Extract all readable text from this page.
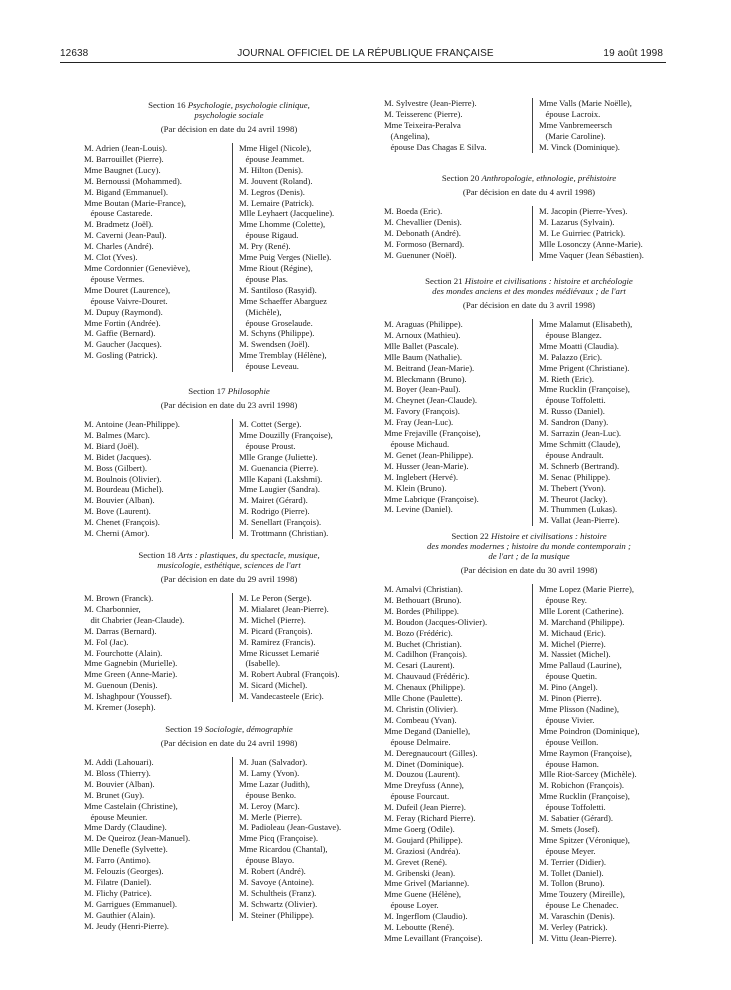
12638	JOURNAL OFFICIEL DE LA RÉPUBLIQUE FRANÇAISE	19 août 1998
Section 16 Psychologie, psychologie clinique,
psychologie sociale
(Par décision en date du 24 avril 1998)
M. Adrien (Jean-Louis).
M. Barrouillet (Pierre).
Mme Baugnet (Lucy).
M. Bernoussi (Mohammed).
M. Bigand (Emmanuel).
Mme Boutan (Marie-France),
épouse Castarede.
M. Bradmetz (Joël).
M. Caverni (Jean-Paul).
M. Charles (André).
M. Clot (Yves).
Mme Cordonnier (Geneviève),
épouse Vermes.
Mme Douret (Laurence),
épouse Vaivre-Douret.
M. Dupuy (Raymond).
Mme Fortin (Andrée).
M. Gaffie (Bernard).
M. Gaucher (Jacques).
M. Gosling (Patrick).
Mme Higel (Nicole),
épouse Jeammet.
M. Hilton (Denis).
M. Jouvent (Roland).
M. Legros (Denis).
M. Lemaire (Patrick).
Mlle Leyhaert (Jacqueline).
Mme Lhomme (Colette),
épouse Rigaud.
M. Pry (René).
Mme Puig Verges (Nielle).
Mme Riout (Régine),
épouse Plas.
M. Santiloso (Rasyid).
Mme Schaeffer Abarguez
(Michèle),
épouse Groselaude.
M. Schyns (Philippe).
M. Swendsen (Joël).
Mme Tremblay (Hélène),
épouse Leveau.
Section 17 Philosophie
(Par décision en date du 23 avril 1998)
M. Antoine (Jean-Philippe).
M. Balmes (Marc).
M. Biard (Joël).
M. Bidet (Jacques).
M. Boss (Gilbert).
M. Boulnois (Olivier).
M. Bourdeau (Michel).
M. Bouvier (Alban).
M. Bove (Laurent).
M. Chenet (François).
M. Cherni (Amor).
M. Cottet (Serge).
Mme Douzilly (Françoise),
épouse Proust.
Mlle Grange (Juliette).
M. Guenancia (Pierre).
Mlle Kapani (Lakshmi).
Mme Laugier (Sandra).
M. Mairet (Gérard).
M. Rodrigo (Pierre).
M. Senellart (François).
M. Trottmann (Christian).
Section 18 Arts : plastiques, du spectacle, musique,
musicologie, esthétique, sciences de l'art
(Par décision en date du 29 avril 1998)
M. Brown (Franck).
M. Charbonnier,
dit Chabrier (Jean-Claude).
M. Darras (Bernard).
M. Fol (Jac).
M. Fourchotte (Alain).
Mme Gagnebin (Murielle).
Mme Green (Anne-Marie).
M. Guenoun (Denis).
M. Ishaghpour (Youssef).
M. Kremer (Joseph).
M. Le Peron (Serge).
M. Mialaret (Jean-Pierre).
M. Michel (Pierre).
M. Picard (François).
M. Ramirez (Francis).
Mme Ricusset Lemarié
(Isabelle).
M. Robert Aubral (François).
M. Sicard (Michel).
M. Vandecasteele (Eric).
Section 19 Sociologie, démographie
(Par décision en date du 24 avril 1998)
M. Addi (Lahouari).
M. Bloss (Thierry).
M. Bouvier (Alban).
M. Brunet (Guy).
Mme Castelain (Christine),
épouse Meunier.
Mme Dardy (Claudine).
M. De Queiroz (Jean-Manuel).
Mlle Denefle (Sylvette).
M. Farro (Antimo).
M. Felouzis (Georges).
M. Filatre (Daniel).
M. Flichy (Patrice).
M. Garrigues (Emmanuel).
M. Gauthier (Alain).
M. Jeudy (Henri-Pierre).
M. Juan (Salvador).
M. Lamy (Yvon).
Mme Lazar (Judith),
épouse Benko.
M. Leroy (Marc).
M. Merle (Pierre).
M. Padioleau (Jean-Gustave).
Mme Picq (Françoise).
Mme Ricardou (Chantal),
épouse Blayo.
M. Robert (André).
M. Savoye (Antoine).
M. Schultheis (Franz).
M. Schwartz (Olivier).
M. Steiner (Philippe).
M. Sylvestre (Jean-Pierre).
M. Teisserenc (Pierre).
Mme Teixeira-Peralva
(Angelina),
épouse Das Chagas E Silva.
Mme Valls (Marie Noëlle),
épouse Lacroix.
Mme Vanbremeersch
(Marie Caroline).
M. Vinck (Dominique).
Section 20 Anthropologie, ethnologie, préhistoire
(Par décision en date du 4 avril 1998)
M. Boeda (Eric).
M. Chevallier (Denis).
M. Debonath (André).
M. Formoso (Bernard).
M. Guenuner (Noël).
M. Jacopin (Pierre-Yves).
M. Lazarus (Sylvain).
M. Le Guirriec (Patrick).
Mlle Losonczy (Anne-Marie).
Mme Vaquer (Jean Sébastien).
Section 21 Histoire et civilisations : histoire et archéologie
des mondes anciens et des mondes médiévaux ; de l'art
(Par décision en date du 3 avril 1998)
M. Araguas (Philippe).
M. Arnoux (Mathieu).
Mlle Ballet (Pascale).
Mlle Baum (Nathalie).
M. Beitrand (Jean-Marie).
M. Bleckmann (Bruno).
M. Boyer (Jean-Paul).
M. Cheynet (Jean-Claude).
M. Favory (François).
M. Fray (Jean-Luc).
Mme Frejaville (Françoise),
épouse Michaud.
M. Genet (Jean-Philippe).
M. Husser (Jean-Marie).
M. Inglebert (Hervé).
M. Klein (Bruno).
Mme Labrique (Françoise).
M. Levine (Daniel).
Mme Malamut (Elisabeth),
épouse Blangez.
Mme Moatti (Claudia).
M. Palazzo (Eric).
Mme Prigent (Christiane).
M. Rieth (Eric).
Mme Rucklin (Françoise),
épouse Toffoletti.
M. Russo (Daniel).
M. Sandron (Dany).
M. Sarrazin (Jean-Luc).
Mme Schmitt (Claude),
épouse Andrault.
M. Schnerb (Bertrand).
M. Senac (Philippe).
M. Thebert (Yvon).
M. Theurot (Jacky).
M. Thummen (Lukas).
M. Vallat (Jean-Pierre).
Section 22 Histoire et civilisations : histoire
des mondes modernes ; histoire du monde contemporain ;
de l'art ; de la musique
(Par décision en date du 30 avril 1998)
M. Amalvi (Christian).
M. Bethouart (Bruno).
M. Bordes (Philippe).
M. Boudon (Jacques-Olivier).
M. Bozo (Frédéric).
M. Buchet (Christian).
M. Cadilhon (François).
M. Cesari (Laurent).
M. Chauvaud (Frédéric).
M. Chenaux (Philippe).
Mlle Chone (Paulette).
M. Christin (Olivier).
M. Combeau (Yvan).
Mme Degand (Danielle),
épouse Delmaire.
M. Deregnaucourt (Gilles).
M. Dinet (Dominique).
M. Douzou (Laurent).
Mme Dreyfuss (Anne),
épouse Fourcaut.
M. Dufeil (Jean Pierre).
M. Feray (Richard Pierre).
Mme Goerg (Odile).
M. Goujard (Philippe).
M. Graziosi (Andréa).
M. Grevet (René).
M. Gribenski (Jean).
Mme Grivel (Marianne).
Mme Guene (Hélène),
épouse Loyer.
M. Ingerflom (Claudio).
M. Leboutte (René).
Mme Levaillant (Françoise).
Mme Lopez (Marie Pierre),
épouse Rey.
Mlle Lorent (Catherine).
M. Marchand (Philippe).
M. Michaud (Eric).
M. Michel (Pierre).
M. Nassiet (Michel).
Mme Pallaud (Laurine),
épouse Quetin.
M. Pino (Angel).
M. Pinon (Pierre).
Mme Plisson (Nadine),
épouse Vivier.
Mme Poindron (Dominique),
épouse Veillon.
Mme Raymon (Françoise),
épouse Hamon.
Mlle Riot-Sarcey (Michèle).
M. Robichon (François).
Mme Rucklin (Françoise),
épouse Toffoletti.
M. Sabatier (Gérard).
M. Smets (Josef).
Mme Spitzer (Véronique),
épouse Meyer.
M. Terrier (Didier).
M. Tollet (Daniel).
M. Tollon (Bruno).
Mme Touzery (Mireille),
épouse Le Chenadec.
M. Varaschin (Denis).
M. Verley (Patrick).
M. Vittu (Jean-Pierre).
